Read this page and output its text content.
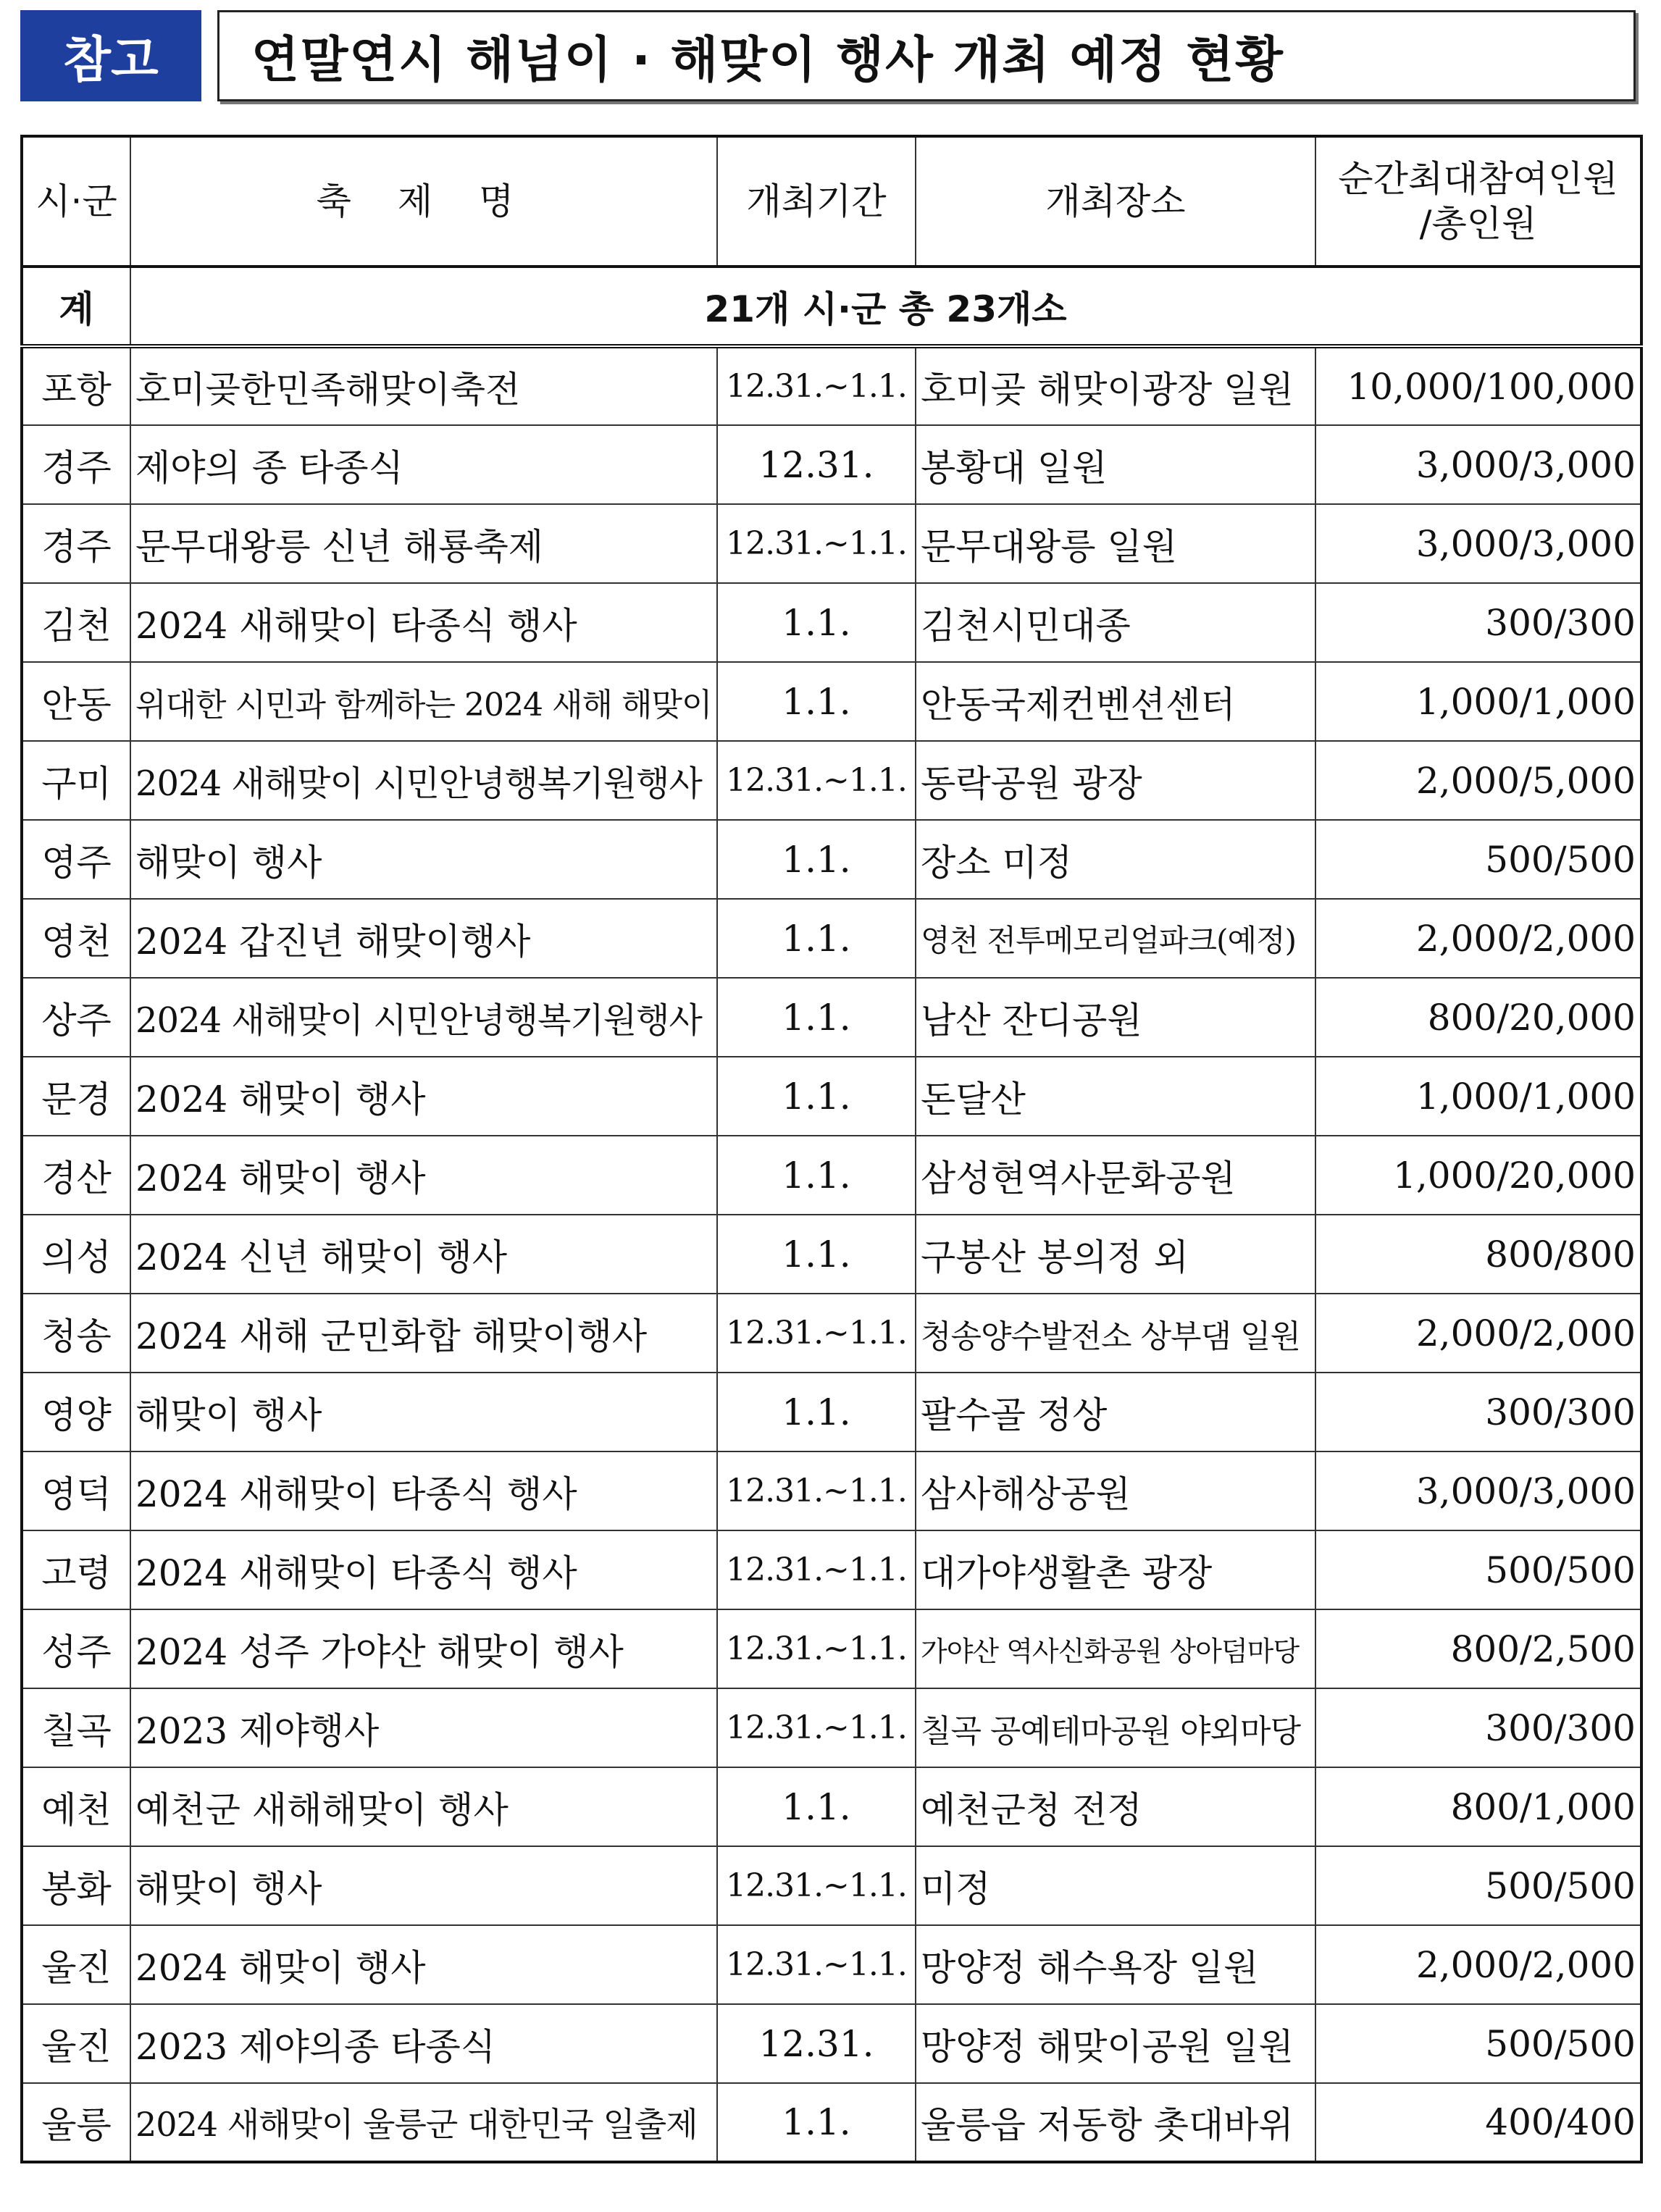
참고	연말연시 해넘이 · 해맞이 행사 개최 예정 현황
시·군	축 제 명	개최기간	개최장소	순간최대참여인원
/총인원
계	21개 시·군 총 23개소			
포항	호미곶한민족해맞이축전	12.31.~1.1.	호미곶 해맞이광장 일원	10,000/100,000
경주	제야의 종 타종식	12.31.	봉황대 일원	3,000/3,000
경주	문무대왕릉 신년 해룡축제	12.31.~1.1.	문무대왕릉 일원	3,000/3,000
김천	2024 새해맞이 타종식 행사	1.1.	김천시민대종	300/300
안동	위대한 시민과 함께하는 2024 새해 해맞이	1.1.	안동국제컨벤션센터	1,000/1,000
구미	2024 새해맞이 시민안녕행복기원행사	12.31.~1.1.	동락공원 광장	2,000/5,000
영주	해맞이 행사	1.1.	장소 미정	500/500
영천	2024 갑진년 해맞이행사	1.1.	영천 전투메모리얼파크(예정)	2,000/2,000
상주	2024 새해맞이 시민안녕행복기원행사	1.1.	남산 잔디공원	800/20,000
문경	2024 해맞이 행사	1.1.	돈달산	1,000/1,000
경산	2024 해맞이 행사	1.1.	삼성현역사문화공원	1,000/20,000
의성	2024 신년 해맞이 행사	1.1.	구봉산 봉의정 외	800/800
청송	2024 새해 군민화합 해맞이행사	12.31.~1.1.	청송양수발전소 상부댐 일원	2,000/2,000
영양	해맞이 행사	1.1.	팔수골 정상	300/300
영덕	2024 새해맞이 타종식 행사	12.31.~1.1.	삼사해상공원	3,000/3,000
고령	2024 새해맞이 타종식 행사	12.31.~1.1.	대가야생활촌 광장	500/500
성주	2024 성주 가야산 해맞이 행사	12.31.~1.1.	가야산 역사신화공원 상아덤마당	800/2,500
칠곡	2023 제야행사	12.31.~1.1.	칠곡 공예테마공원 야외마당	300/300
예천	예천군 새해해맞이 행사	1.1.	예천군청 전정	800/1,000
봉화	해맞이 행사	12.31.~1.1.	미정	500/500
울진	2024 해맞이 행사	12.31.~1.1.	망양정 해수욕장 일원	2,000/2,000
울진	2023 제야의종 타종식	12.31.	망양정 해맞이공원 일원	500/500
울릉	2024 새해맞이 울릉군 대한민국 일출제	1.1.	울릉읍 저동항 촛대바위	400/400
